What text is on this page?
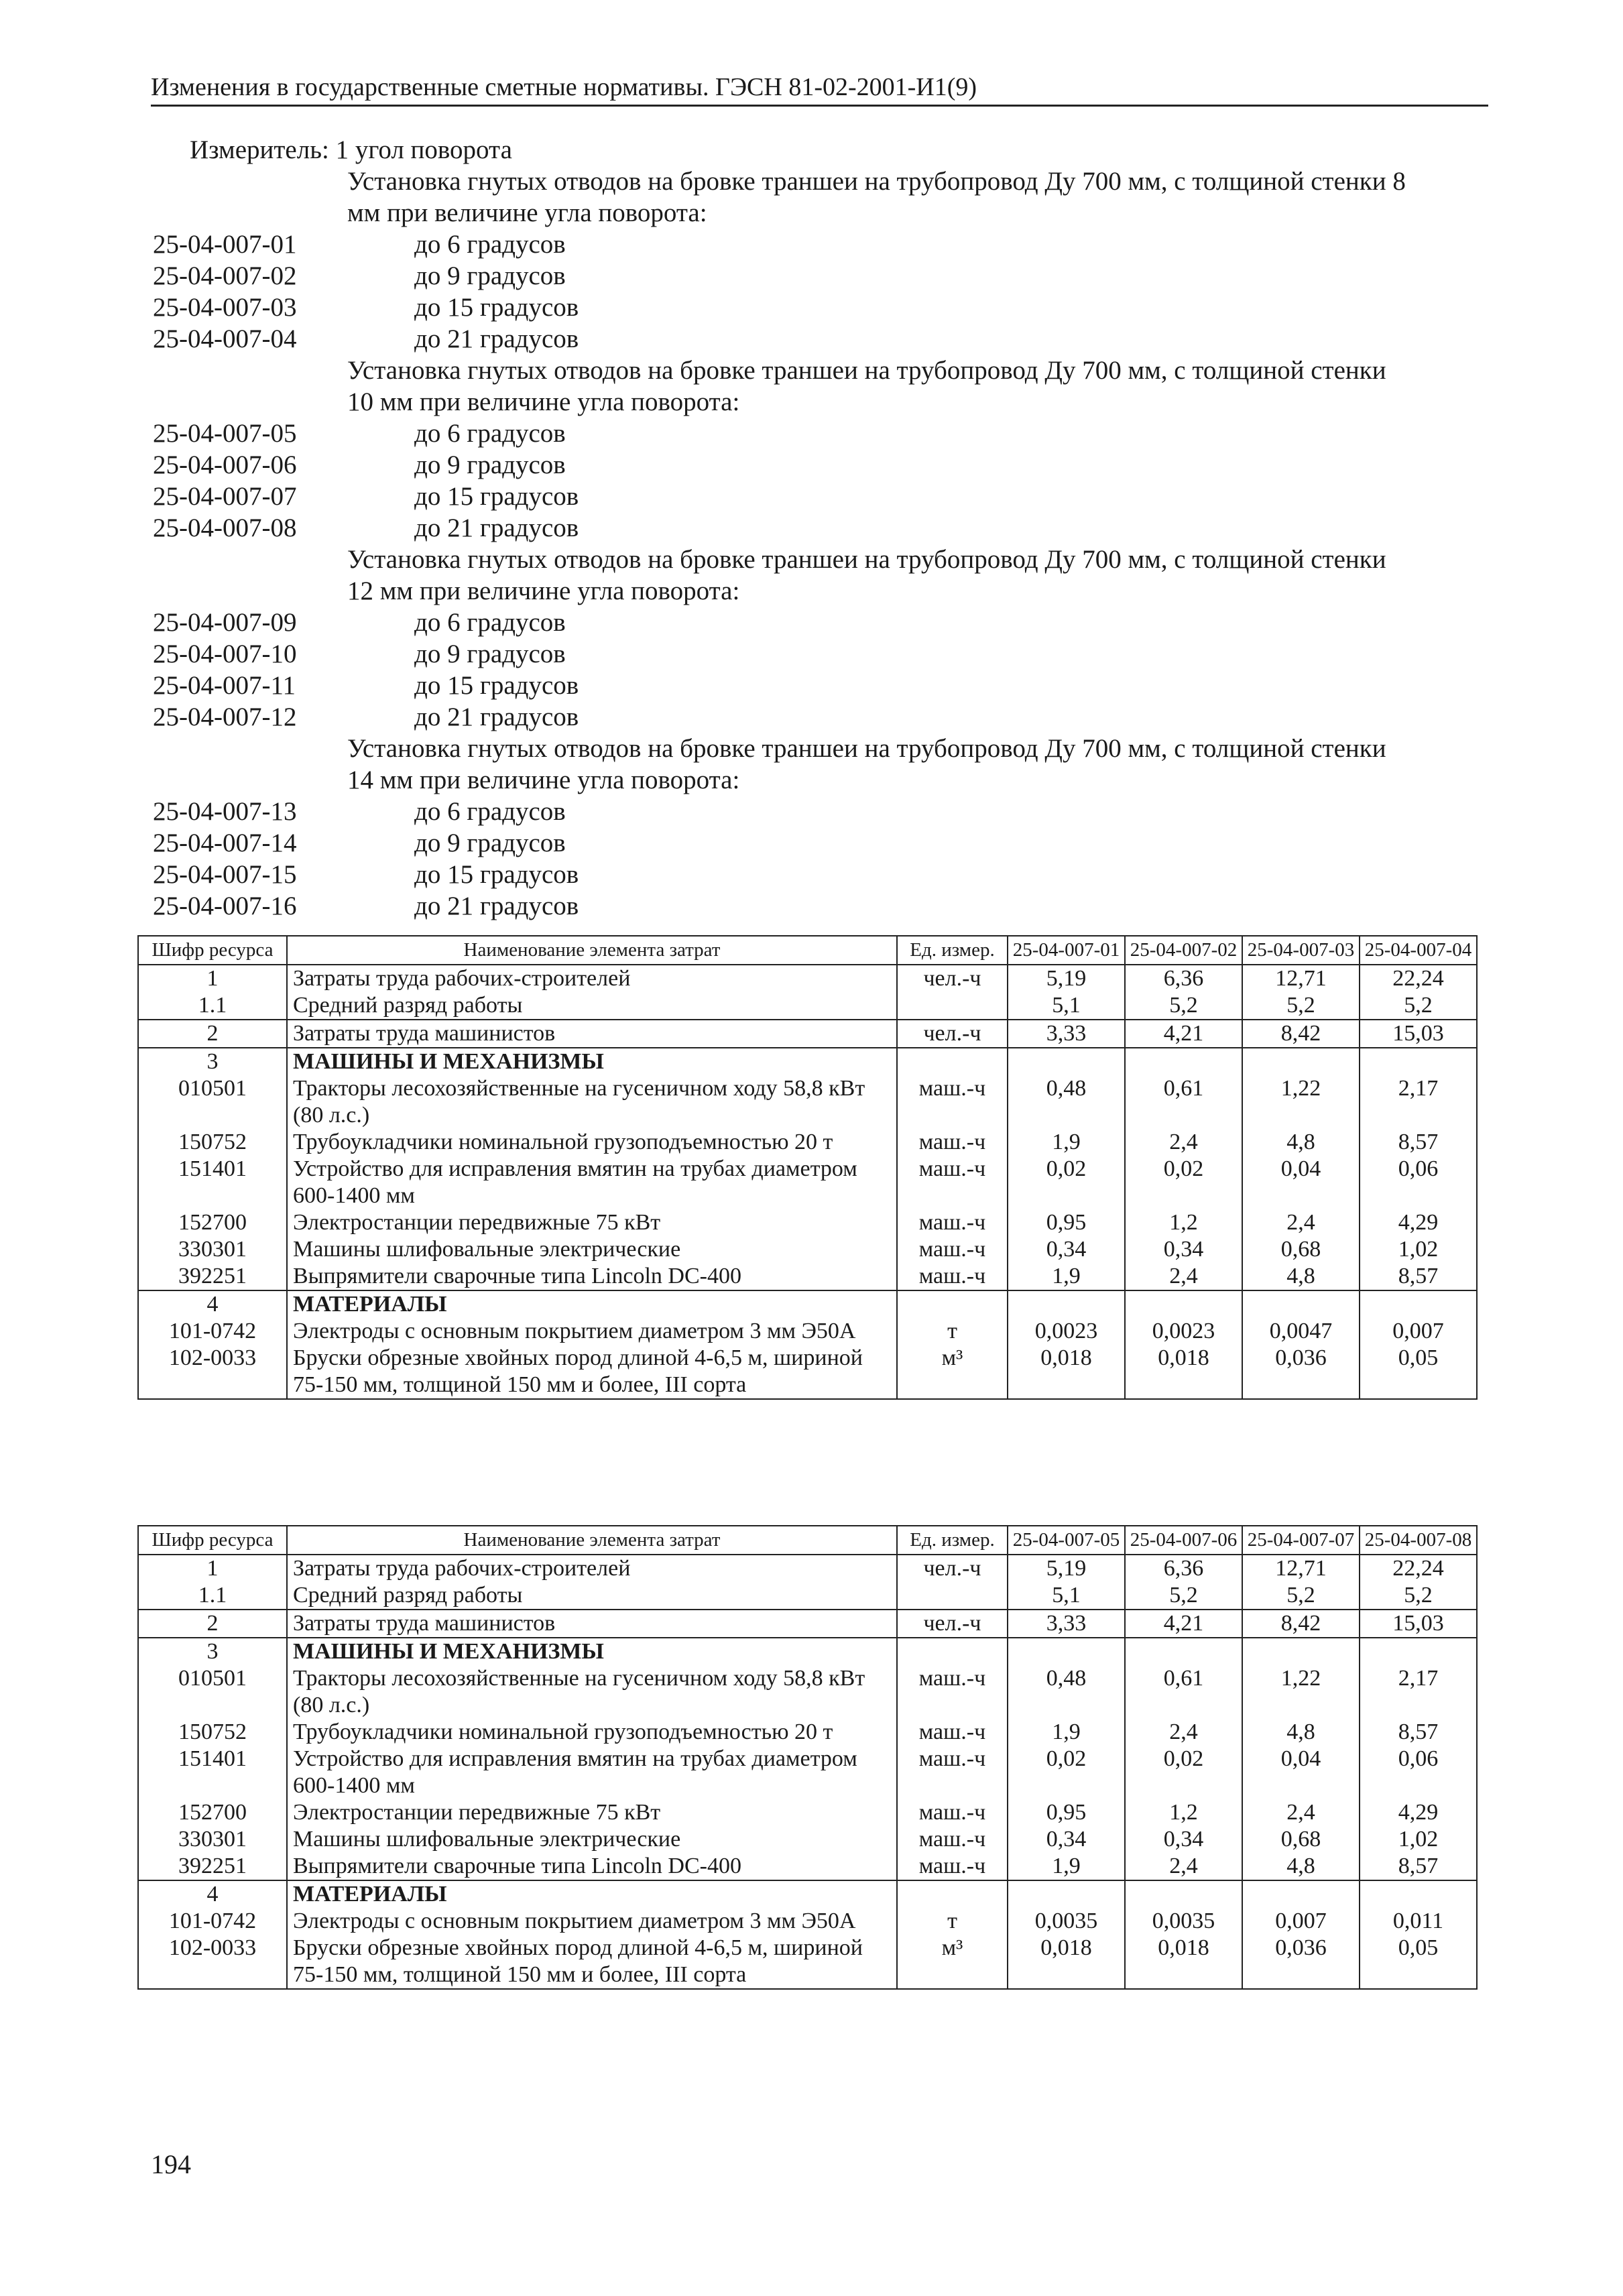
Изменения в государственные сметные нормативы. ГЭСН 81-02-2001-И1(9)
Измеритель: 1 угол поворота
Установка гнутых отводов на бровке траншеи на трубопровод Ду 700 мм, с толщиной стенки 8
мм при величине угла поворота:
25-04-007-01	до 6 градусов
25-04-007-02	до 9 градусов
25-04-007-03	до 15 градусов
25-04-007-04	до 21 градусов
Установка гнутых отводов на бровке траншеи на трубопровод Ду 700 мм, с толщиной стенки
10 мм при величине угла поворота:
25-04-007-05	до 6 градусов
25-04-007-06	до 9 градусов
25-04-007-07	до 15 градусов
25-04-007-08	до 21 градусов
Установка гнутых отводов на бровке траншеи на трубопровод Ду 700 мм, с толщиной стенки
12 мм при величине угла поворота:
25-04-007-09	до 6 градусов
25-04-007-10	до 9 градусов
25-04-007-11	до 15 градусов
25-04-007-12	до 21 градусов
Установка гнутых отводов на бровке траншеи на трубопровод Ду 700 мм, с толщиной стенки
14 мм при величине угла поворота:
25-04-007-13	до 6 градусов
25-04-007-14	до 9 градусов
25-04-007-15	до 15 градусов
25-04-007-16	до 21 градусов
Шифр ресурса	Наименование элемента затрат	Ед. измер.	25-04-007-01	25-04-007-02	25-04-007-03	25-04-007-04
1	Затраты труда рабочих-строителей	чел.-ч	5,19	6,36	12,71	22,24
1.1	Средний разряд работы		5,1	5,2	5,2	5,2
2	Затраты труда машинистов	чел.-ч	3,33	4,21	8,42	15,03
3	МАШИНЫ И МЕХАНИЗМЫ					
010501	Тракторы лесохозяйственные на гусеничном ходу 58,8 кВт (80 л.с.)	маш.-ч	0,48	0,61	1,22	2,17
150752	Трубоукладчики номинальной грузоподъемностью 20 т	маш.-ч	1,9	2,4	4,8	8,57
151401	Устройство для исправления вмятин на трубах диаметром 600-1400 мм	маш.-ч	0,02	0,02	0,04	0,06
152700	Электростанции передвижные 75 кВт	маш.-ч	0,95	1,2	2,4	4,29
330301	Машины шлифовальные электрические	маш.-ч	0,34	0,34	0,68	1,02
392251	Выпрямители сварочные типа Lincoln DC-400	маш.-ч	1,9	2,4	4,8	8,57
4	МАТЕРИАЛЫ					
101-0742	Электроды с основным покрытием диаметром 3 мм Э50А	т	0,0023	0,0023	0,0047	0,007
102-0033	Бруски обрезные хвойных пород длиной 4-6,5 м, шириной 75-150 мм, толщиной 150 мм и более, III сорта	м³	0,018	0,018	0,036	0,05
Шифр ресурса	Наименование элемента затрат	Ед. измер.	25-04-007-05	25-04-007-06	25-04-007-07	25-04-007-08
1	Затраты труда рабочих-строителей	чел.-ч	5,19	6,36	12,71	22,24
1.1	Средний разряд работы		5,1	5,2	5,2	5,2
2	Затраты труда машинистов	чел.-ч	3,33	4,21	8,42	15,03
3	МАШИНЫ И МЕХАНИЗМЫ					
010501	Тракторы лесохозяйственные на гусеничном ходу 58,8 кВт (80 л.с.)	маш.-ч	0,48	0,61	1,22	2,17
150752	Трубоукладчики номинальной грузоподъемностью 20 т	маш.-ч	1,9	2,4	4,8	8,57
151401	Устройство для исправления вмятин на трубах диаметром 600-1400 мм	маш.-ч	0,02	0,02	0,04	0,06
152700	Электростанции передвижные 75 кВт	маш.-ч	0,95	1,2	2,4	4,29
330301	Машины шлифовальные электрические	маш.-ч	0,34	0,34	0,68	1,02
392251	Выпрямители сварочные типа Lincoln DC-400	маш.-ч	1,9	2,4	4,8	8,57
4	МАТЕРИАЛЫ					
101-0742	Электроды с основным покрытием диаметром 3 мм Э50А	т	0,0035	0,0035	0,007	0,011
102-0033	Бруски обрезные хвойных пород длиной 4-6,5 м, шириной 75-150 мм, толщиной 150 мм и более, III сорта	м³	0,018	0,018	0,036	0,05
194
